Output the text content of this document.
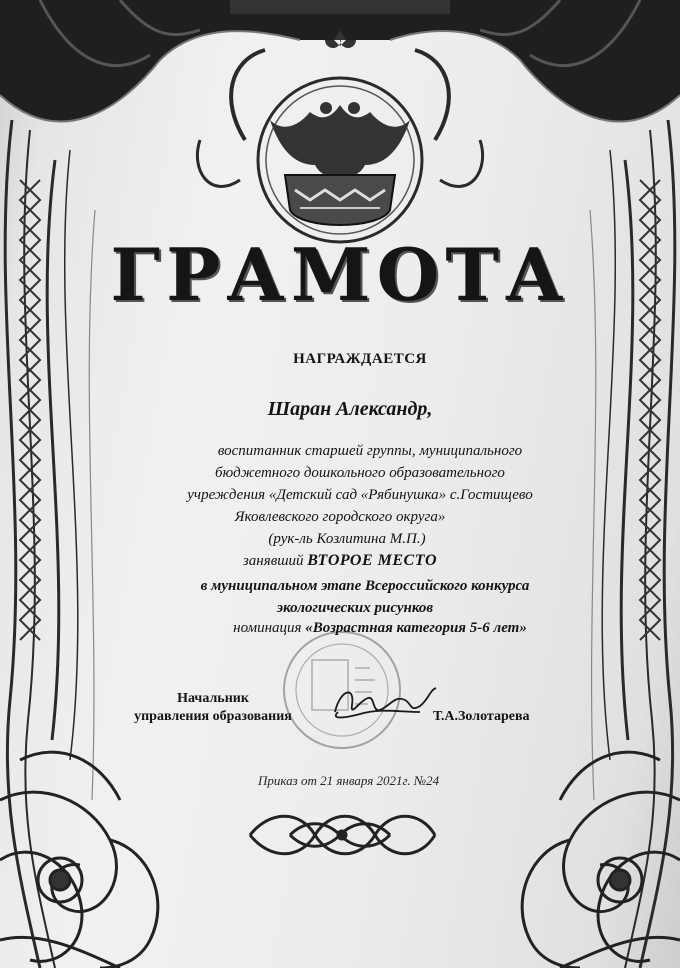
ГРАМОТА
НАГРАЖДАЕТСЯ
Шаран Александр,
воспитанник старшей группы, муниципального
бюджетного дошкольного образовательного
учреждения «Детский сад «Рябинушка» с.Гостищево
Яковлевского городского округа»
(рук-ль Козлитина М.П.)
занявший ВТОРОЕ МЕСТО
в муниципальном этапе Всероссийского конкурса
экологических рисунков
номинация «Возрастная категория 5-6 лет»
Начальник
управления образования	Т.А.Золотарева
Приказ от 21 января 2021г. №24
